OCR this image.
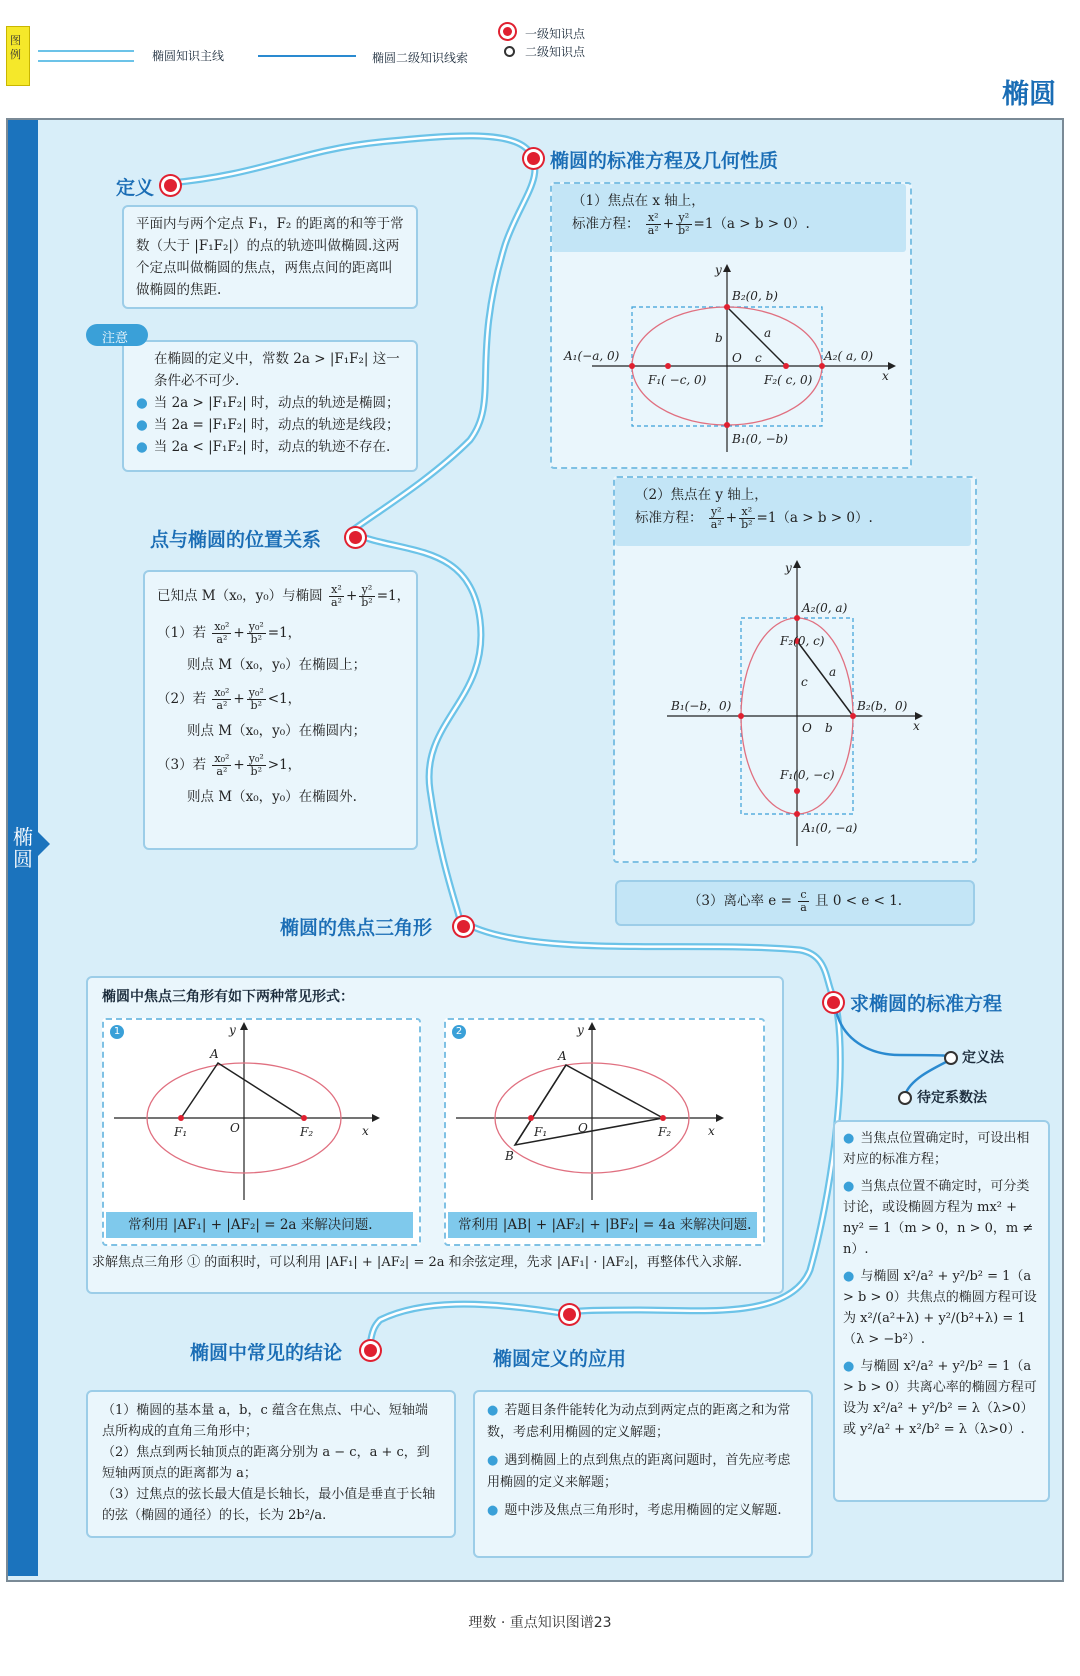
图例	椭圆知识主线	椭圆二级知识线索
一级知识点
二级知识点
椭圆
椭圆
定义
椭圆的标准方程及几何性质
点与椭圆的位置关系
椭圆的焦点三角形
求椭圆的标准方程
定义法
待定系数法
椭圆中常见的结论	椭圆定义的应用
平面内与两个定点 F₁，F₂ 的距离的和等于常数（大于 |F₁F₂|）的点的轨迹叫做椭圆.这两个定点叫做椭圆的焦点，两焦点间的距离叫做椭圆的焦距.
在椭圆的定义中，常数 2a > |F₁F₂| 这一条件必不可少.
● 当 2a > |F₁F₂| 时，动点的轨迹是椭圆；
● 当 2a = |F₁F₂| 时，动点的轨迹是线段；
● 当 2a < |F₁F₂| 时，动点的轨迹不存在.
注意
（1）焦点在 x 轴上，
标准方程： $\frac{\text{x²}}{\text{a²}} + \frac{\text{y²}}{\text{b²}} =1(a > b > 0)$.
B₂(0, b)
B₁(0, −b)
A₁(−a, 0)	A₂( a, 0)
F₁( −c, 0)	F₂( c, 0)
O
b	a
c
x
y
（2）焦点在 y 轴上，
标准方程： $\frac{\text{y²}}{\text{a²}} + \frac{\text{x²}}{\text{b²}} =1(a > b > 0)$.
A₂(0, a)
A₁(0, −a)
B₁(−b，0)	B₂(b，0)
F₂(0, c)
F₁(0, −c)
O b
a
c
x
y
（3）离心率 $e = \frac{c}{a}$ 且 0 < e < 1.
已知点 M（x₀，y₀）与椭圆 $\frac{\text{x²}}{\text{a²}} + \frac{\text{y²}}{\text{b²}} =1$，
（1）若 $\frac{\text{x₀²}}{\text{a²}} + \frac{\text{y₀²}}{\text{b²}} =1$，
则点 M（x₀，y₀）在椭圆上；
（2）若 $\frac{\text{x₀²}}{\text{a²}} + \frac{\text{y₀²}}{\text{b²}} <1$，
则点 M（x₀，y₀）在椭圆内；
（3）若 $\frac{\text{x₀²}}{\text{a²}} + \frac{\text{y₀²}}{\text{b²}} >1$，
则点 M（x₀，y₀）在椭圆外.
椭圆中焦点三角形有如下两种常见形式：
1
A
F₁	F₂
O	x
y
常利用 |AF₁| + |AF₂| = 2a 来解决问题.
2
A
B
F₁	F₂
O	x
y
常利用 |AB| + |AF₂| + |BF₂| = 4a 来解决问题.
求解焦点三角形 ① 的面积时，可以利用 |AF₁| + |AF₂| = 2a 和余弦定理，先求 |AF₁| · |AF₂|，再整体代入求解.
● 当焦点位置确定时，可设出相对应的标准方程；
● 当焦点位置不确定时，可分类讨论，或设椭圆方程为 mx² + ny² = 1（m > 0，n > 0，m ≠ n）.
● 与椭圆 x²/a² + y²/b² = 1（a > b > 0）共焦点的椭圆方程可设为 x²/(a²+λ) + y²/(b²+λ) = 1（λ > −b²）.
● 与椭圆 x²/a² + y²/b² = 1（a > b > 0）共离心率的椭圆方程可设为 x²/a² + y²/b² = λ（λ>0）或 y²/a² + x²/b² = λ（λ>0）.
（1）椭圆的基本量 a，b，c 蕴含在焦点、中心、短轴端点所构成的直角三角形中；
（2）焦点到两长轴顶点的距离分别为 a − c，a + c，到短轴两顶点的距离都为 a；
（3）过焦点的弦长最大值是长轴长，最小值是垂直于长轴的弦（椭圆的通径）的长，长为 2b²/a.
● 若题目条件能转化为动点到两定点的距离之和为常数，考虑利用椭圆的定义解题；
● 遇到椭圆上的点到焦点的距离问题时，首先应考虑用椭圆的定义来解题；
● 题中涉及焦点三角形时，考虑用椭圆的定义解题.
理数 · 重点知识图谱23
